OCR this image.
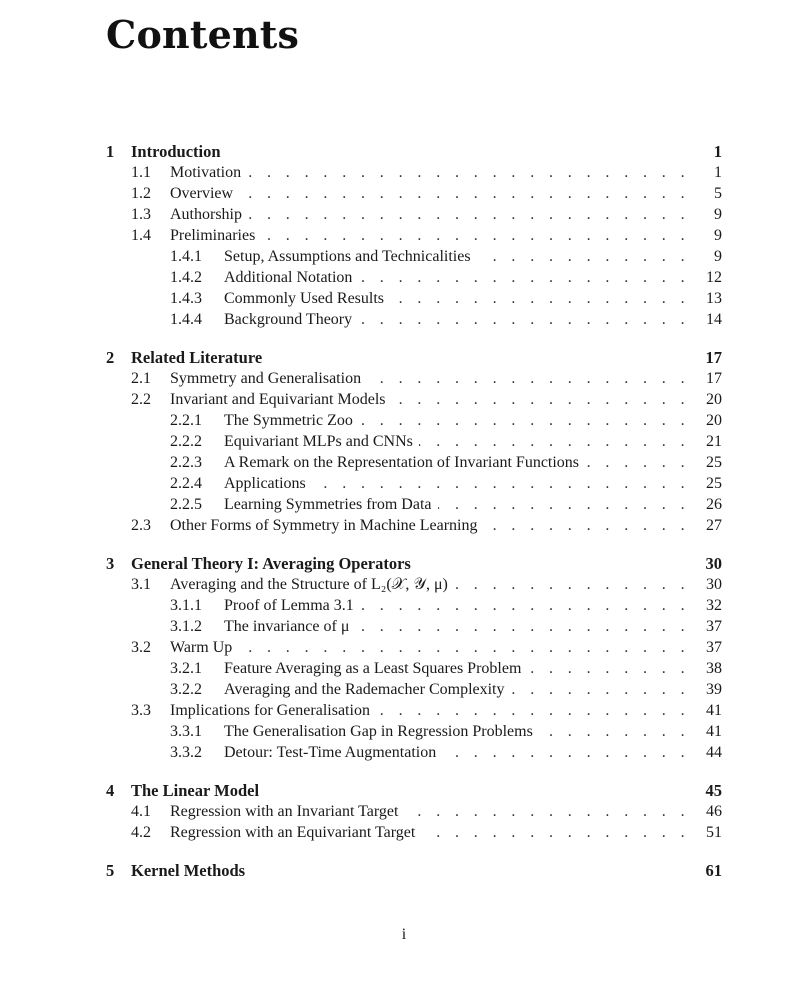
Contents
1	Introduction	1
1.1	Motivation . . .	1
1.2	Overview . . .	5
1.3	Authorship . . .	9
1.4	Preliminaries . . .	9
1.4.1	Setup, Assumptions and Technicalities . . .	9
1.4.2	Additional Notation . . .	12
1.4.3	Commonly Used Results . . .	13
1.4.4	Background Theory . . .	14
2	Related Literature	17
2.1	Symmetry and Generalisation . . .	17
2.2	Invariant and Equivariant Models . . .	20
2.2.1	The Symmetric Zoo . . .	20
2.2.2	Equivariant MLPs and CNNs . . .	21
2.2.3	A Remark on the Representation of Invariant Functions . . .	25
2.2.4	Applications . . .	25
2.2.5	Learning Symmetries from Data . . .	26
2.3	Other Forms of Symmetry in Machine Learning . . .	27
3	General Theory I: Averaging Operators	30
3.1	Averaging and the Structure of L₂(𝒳, 𝒴, μ) . . .	30
3.1.1	Proof of Lemma 3.1 . . .	32
3.1.2	The invariance of μ . . .	37
3.2	Warm Up . . .	37
3.2.1	Feature Averaging as a Least Squares Problem . . .	38
3.2.2	Averaging and the Rademacher Complexity . . .	39
3.3	Implications for Generalisation . . .	41
3.3.1	The Generalisation Gap in Regression Problems . . .	41
3.3.2	Detour: Test-Time Augmentation . . .	44
4	The Linear Model	45
4.1	Regression with an Invariant Target . . .	46
4.2	Regression with an Equivariant Target . . .	51
5	Kernel Methods	61
i
